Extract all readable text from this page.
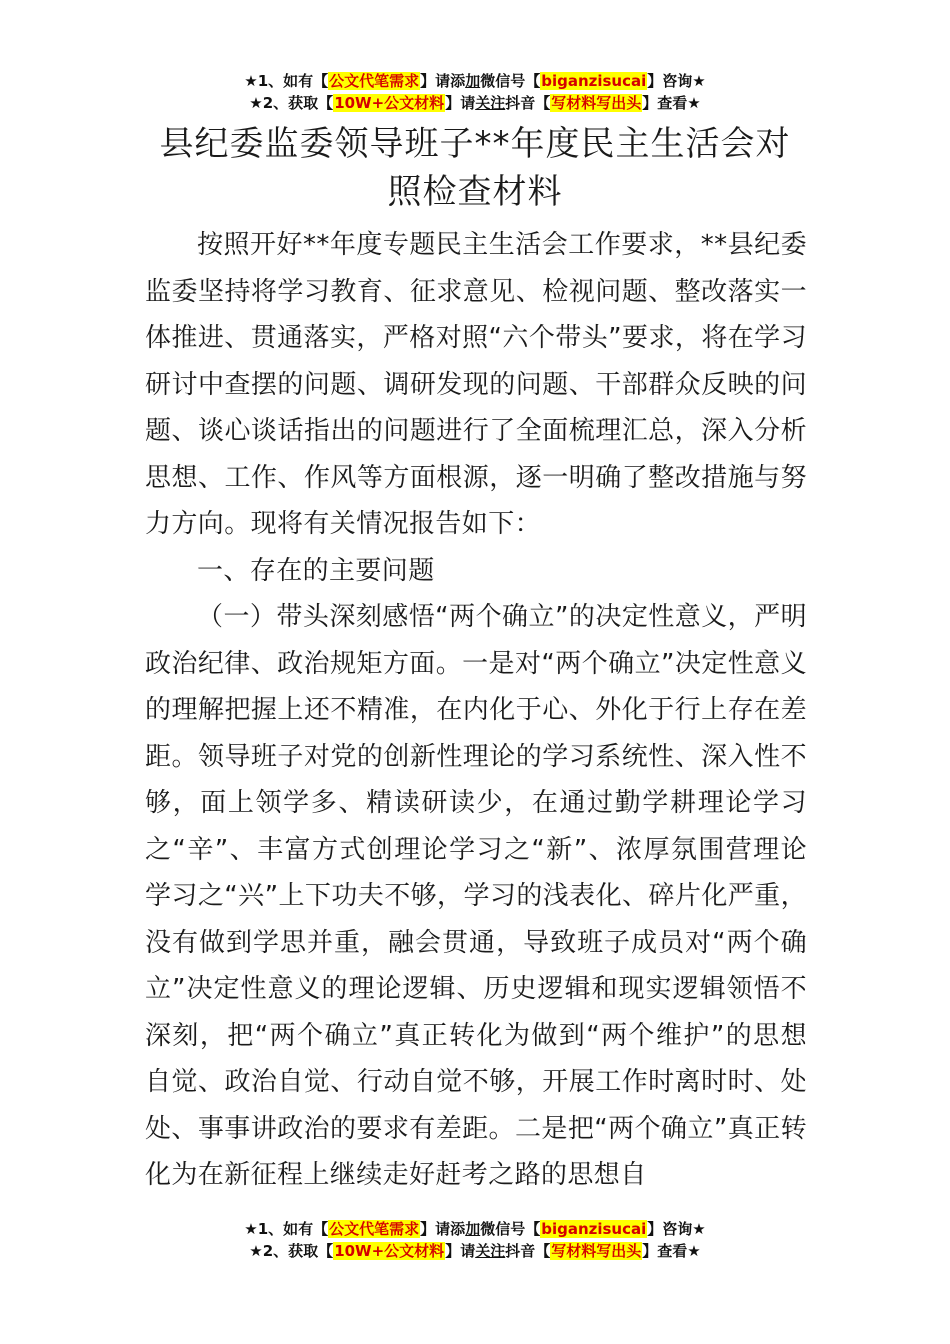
★1、如有【公文代笔需求】请添加微信号【biganzisucai】咨询★
★2、获取【10W+公文材料】请关注抖音【写材料写出头】查看★
县纪委监委领导班子**年度民主生活会对照检查材料

按照开好**年度专题民主生活会工作要求，**县纪委监委坚持将学习教育、征求意见、检视问题、整改落实一体推进、贯通落实，严格对照“六个带头”要求，将在学习研讨中查摆的问题、调研发现的问题、干部群众反映的问题、谈心谈话指出的问题进行了全面梳理汇总，深入分析思想、工作、作风等方面根源，逐一明确了整改措施与努力方向。现将有关情况报告如下：

一、存在的主要问题

（一）带头深刻感悟“两个确立”的决定性意义，严明政治纪律、政治规矩方面。一是对“两个确立”决定性意义的理解把握上还不精准，在内化于心、外化于行上存在差距。领导班子对党的创新性理论的学习系统性、深入性不够，面上领学多、精读研读少，在通过勤学耕理论学习之“辛”、丰富方式创理论学习之“新”、浓厚氛围营理论学习之“兴”上下功夫不够，学习的浅表化、碎片化严重，没有做到学思并重，融会贯通，导致班子成员对“两个确立”决定性意义的理论逻辑、历史逻辑和现实逻辑领悟不深刻，把“两个确立”真正转化为做到“两个维护”的思想自觉、政治自觉、行动自觉不够，开展工作时离时时、处处、事事讲政治的要求有差距。二是把“两个确立”真正转化为在新征程上继续走好赶考之路的思想自

★1、如有【公文代笔需求】请添加微信号【biganzisucai】咨询★
★2、获取【10W+公文材料】请关注抖音【写材料写出头】查看★
